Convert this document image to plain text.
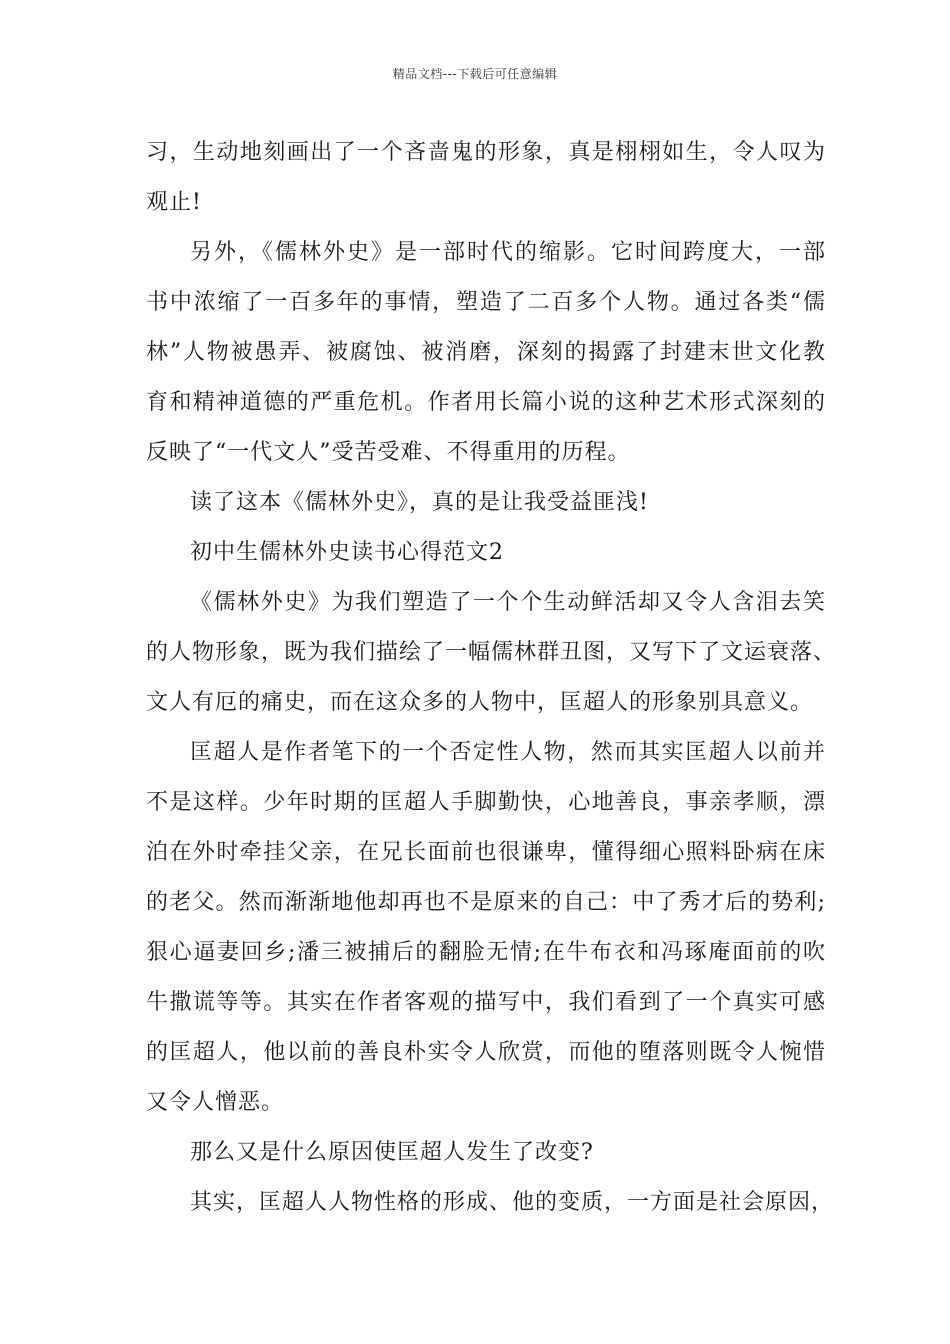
精品文档---下载后可任意编辑
习，生动地刻画出了一个吝啬鬼的形象，真是栩栩如生，令人叹为
观止!
另外，《儒林外史》是一部时代的缩影。它时间跨度大，一部
书中浓缩了一百多年的事情，塑造了二百多个人物。通过各类“儒
林”人物被愚弄、被腐蚀、被消磨，深刻的揭露了封建末世文化教
育和精神道德的严重危机。作者用长篇小说的这种艺术形式深刻的
反映了“一代文人”受苦受难、不得重用的历程。
读了这本《儒林外史》，真的是让我受益匪浅!
初中生儒林外史读书心得范文2
《儒林外史》为我们塑造了一个个生动鲜活却又令人含泪去笑
的人物形象，既为我们描绘了一幅儒林群丑图，又写下了文运衰落、
文人有厄的痛史，而在这众多的人物中，匡超人的形象别具意义。
匡超人是作者笔下的一个否定性人物，然而其实匡超人以前并
不是这样。少年时期的匡超人手脚勤快，心地善良，事亲孝顺，漂
泊在外时牵挂父亲，在兄长面前也很谦卑，懂得细心照料卧病在床
的老父。然而渐渐地他却再也不是原来的自己：中了秀才后的势利;
狠心逼妻回乡;潘三被捕后的翻脸无情;在牛布衣和冯琢庵面前的吹
牛撒谎等等。其实在作者客观的描写中，我们看到了一个真实可感
的匡超人，他以前的善良朴实令人欣赏，而他的堕落则既令人惋惜
又令人憎恶。
那么又是什么原因使匡超人发生了改变?
其实，匡超人人物性格的形成、他的变质，一方面是社会原因，
